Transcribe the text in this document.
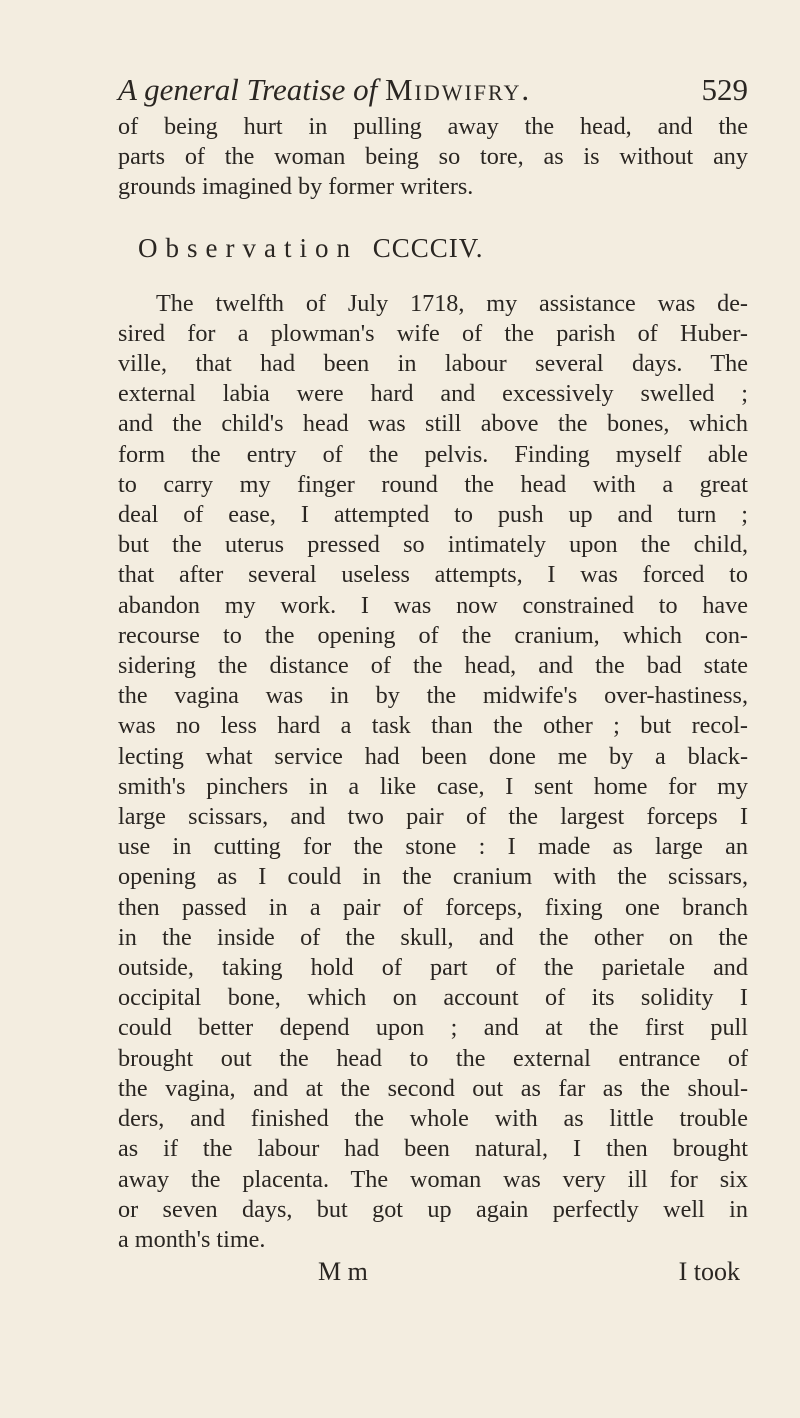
A general Treatise of Midwifry.	529
of being hurt in pulling away the head, and the
parts of the woman being so tore, as is without any
grounds imagined by former writers.
Observation CCCCIV.
The twelfth of July 1718, my assistance was de-
sired for a plowman's wife of the parish of Huber-
ville, that had been in labour several days. The
external labia were hard and excessively swelled ;
and the child's head was still above the bones, which
form the entry of the pelvis. Finding myself able
to carry my finger round the head with a great
deal of ease, I attempted to push up and turn ;
but the uterus pressed so intimately upon the child,
that after several useless attempts, I was forced to
abandon my work. I was now constrained to have
recourse to the opening of the cranium, which con-
sidering the distance of the head, and the bad state
the vagina was in by the midwife's over-hastiness,
was no less hard a task than the other ; but recol-
lecting what service had been done me by a black-
smith's pinchers in a like case, I sent home for my
large scissars, and two pair of the largest forceps I
use in cutting for the stone : I made as large an
opening as I could in the cranium with the scissars,
then passed in a pair of forceps, fixing one branch
in the inside of the skull, and the other on the
outside, taking hold of part of the parietale and
occipital bone, which on account of its solidity I
could better depend upon ; and at the first pull
brought out the head to the external entrance of
the vagina, and at the second out as far as the shoul-
ders, and finished the whole with as little trouble
as if the labour had been natural, I then brought
away the placenta. The woman was very ill for six
or seven days, but got up again perfectly well in
a month's time.
M m	I took
